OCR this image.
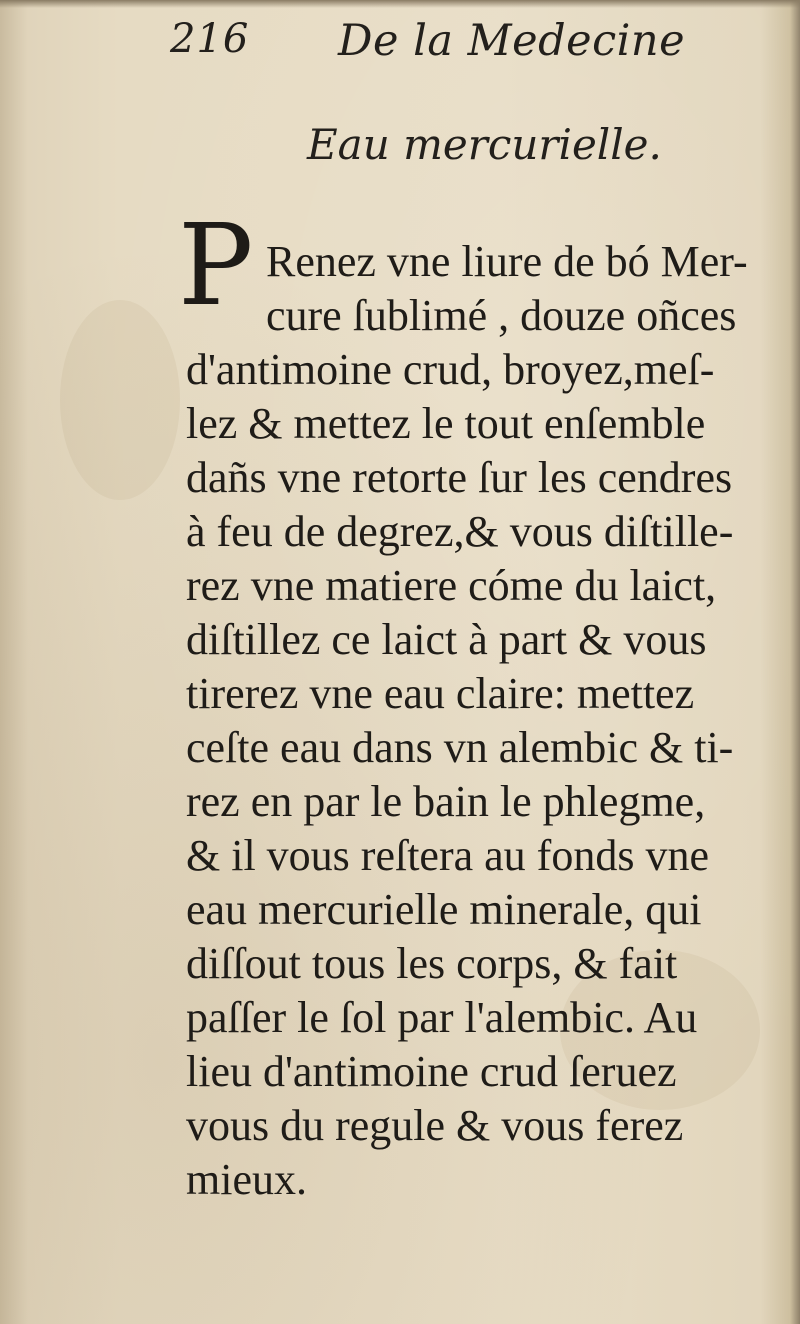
216 De la Medecine
Eau mercurielle.
P Renez vne liure de bó Mer-
cure ſublimé , douze oñces
d'antimoine crud, broyez,meſ-
lez & mettez le tout enſemble
dañs vne retorte ſur les cendres
à feu de degrez,& vous diſtille-
rez vne matiere cóme du laict,
diſtillez ce laict à part & vous
tirerez vne eau claire: mettez
ceſte eau dans vn alembic & ti-
rez en par le bain le phlegme,
& il vous reſtera au fonds vne
eau mercurielle minerale, qui
diſſout tous les corps, & fait
paſſer le ſol par l'alembic. Au
lieu d'antimoine crud ſeruez
vous du regule & vous ferez
mieux.
